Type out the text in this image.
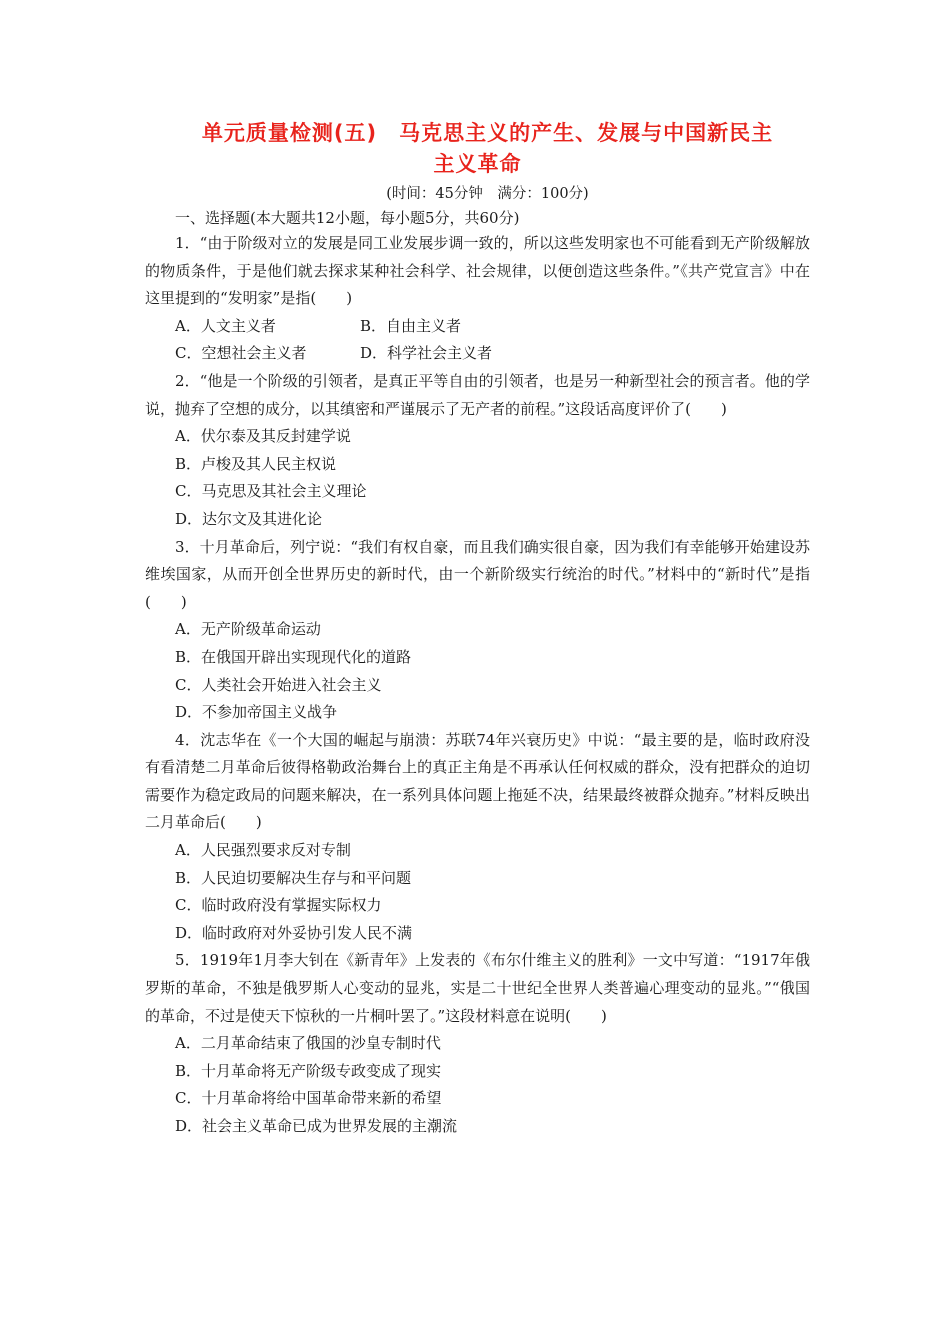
单元质量检测(五)　马克思主义的产生、发展与中国新民主
主义革命
(时间：45分钟　满分：100分)
一、选择题(本大题共12小题，每小题5分，共60分)

1．“由于阶级对立的发展是同工业发展步调一致的，所以这些发明家也不可能看到无产阶级解放的物质条件，于是他们就去探求某种社会科学、社会规律，以便创造这些条件。”《共产党宣言》中在这里提到的“发明家”是指(　　)

A．人文主义者	B．自由主义者
C．空想社会主义者	D．科学社会主义者

2．“他是一个阶级的引领者，是真正平等自由的引领者，也是另一种新型社会的预言者。他的学说，抛弃了空想的成分，以其缜密和严谨展示了无产者的前程。”这段话高度评价了(　　)

A．伏尔泰及其反封建学说
B．卢梭及其人民主权说
C．马克思及其社会主义理论
D．达尔文及其进化论

3．十月革命后，列宁说：“我们有权自豪，而且我们确实很自豪，因为我们有幸能够开始建设苏维埃国家，从而开创全世界历史的新时代，由一个新阶级实行统治的时代。”材料中的“新时代”是指(　　)

A．无产阶级革命运动
B．在俄国开辟出实现现代化的道路
C．人类社会开始进入社会主义
D．不参加帝国主义战争

4．沈志华在《一个大国的崛起与崩溃：苏联74年兴衰历史》中说：“最主要的是，临时政府没有看清楚二月革命后彼得格勒政治舞台上的真正主角是不再承认任何权威的群众，没有把群众的迫切需要作为稳定政局的问题来解决，在一系列具体问题上拖延不决，结果最终被群众抛弃。”材料反映出二月革命后(　　)

A．人民强烈要求反对专制
B．人民迫切要解决生存与和平问题
C．临时政府没有掌握实际权力
D．临时政府对外妥协引发人民不满

5．1919年1月李大钊在《新青年》上发表的《布尔什维主义的胜利》一文中写道：“1917年俄罗斯的革命，不独是俄罗斯人心变动的显兆，实是二十世纪全世界人类普遍心理变动的显兆。”“俄国的革命，不过是使天下惊秋的一片桐叶罢了。”这段材料意在说明(　　)

A．二月革命结束了俄国的沙皇专制时代
B．十月革命将无产阶级专政变成了现实
C．十月革命将给中国革命带来新的希望
D．社会主义革命已成为世界发展的主潮流
